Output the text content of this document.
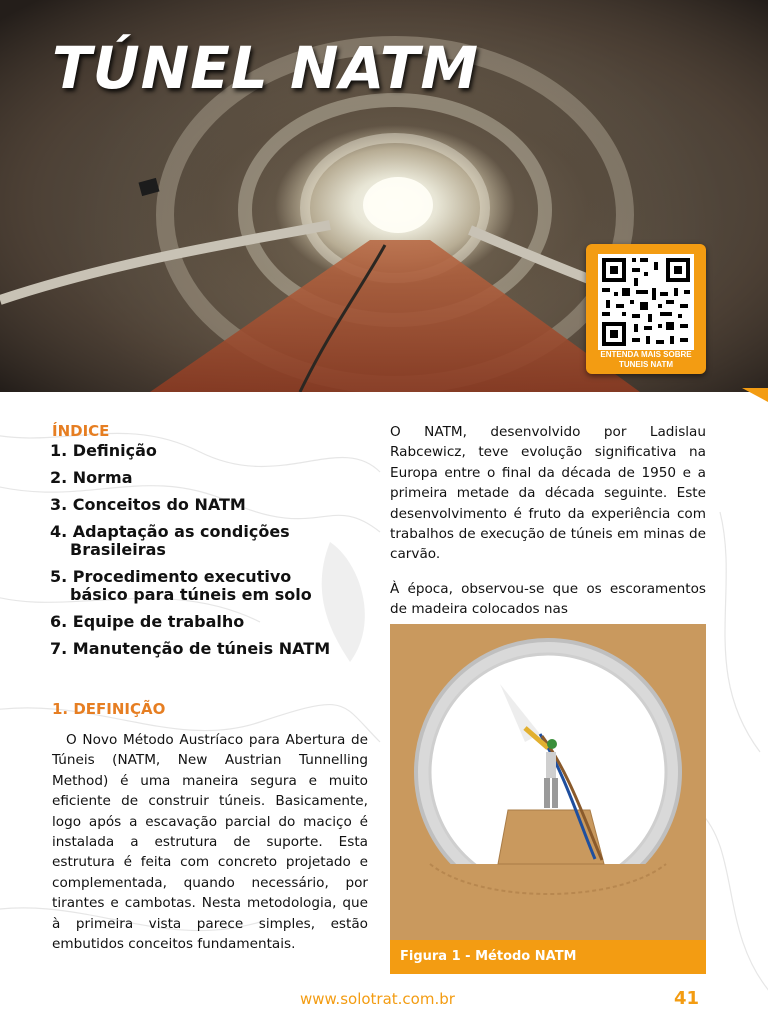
TÚNEL NATM
ENTENDA MAIS SOBRE TUNEIS NATM
ÍNDICE
1. Definição
2. Norma
3. Conceitos do NATM
4. Adaptação as condições
Brasileiras
5. Procedimento executivo
básico para túneis em solo
6. Equipe de trabalho
7. Manutenção de túneis NATM
1. DEFINIÇÃO

O Novo Método Austríaco para Abertura de Túneis (NATM, New Austrian Tunnelling Method) é uma maneira segura e muito eficiente de construir túneis. Basicamente, logo após a escavação parcial do maciço é instalada a estrutura de suporte. Esta estrutura é feita com concreto projetado e complementada, quando necessário, por tirantes e cambotas. Nesta metodologia, que à primeira vista parece simples, estão embutidos conceitos fundamentais.

O NATM, desenvolvido por Ladislau Rabcewicz, teve evolução significativa na Europa entre o final da década de 1950 e a primeira metade da década seguinte. Este desenvolvimento é fruto da experiência com trabalhos de execução de túneis em minas de carvão.

À época, observou-se que os escoramentos de madeira colocados nas

Figura 1 - Método NATM
www.solotrat.com.br	41
